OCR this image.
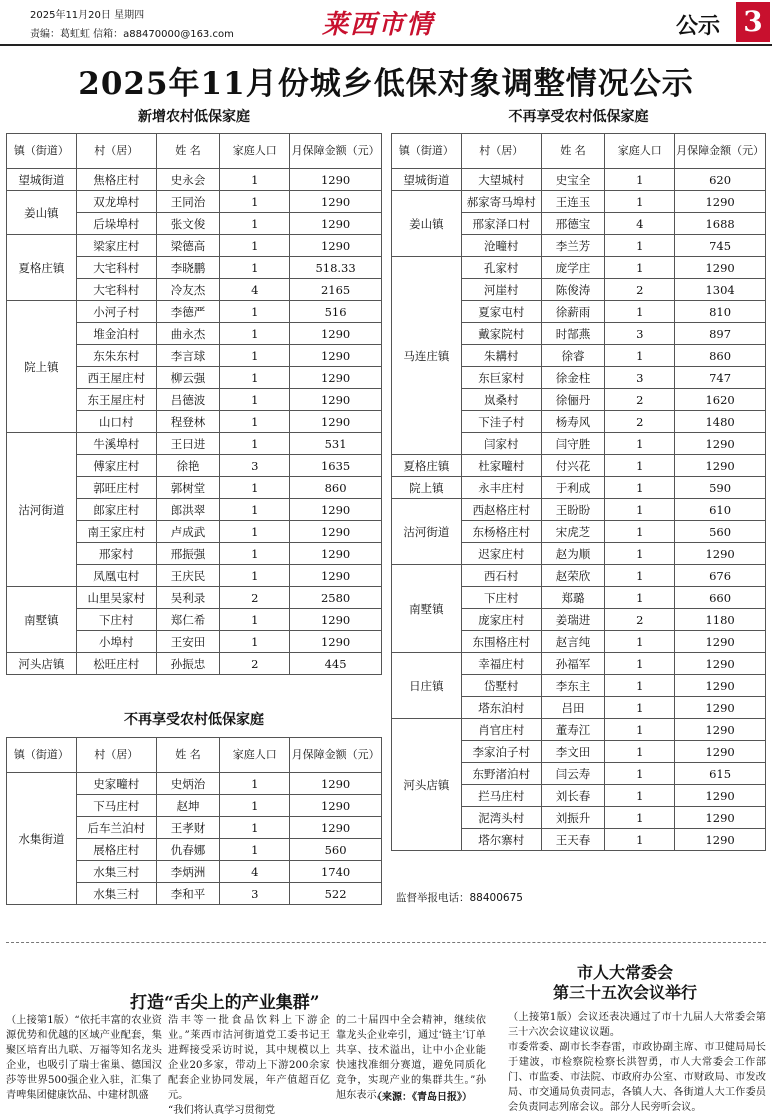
2025年11月20日 星期四
责编：葛虹虹 信箱：a88470000@163.com	莱西市情	公示 3
2025年11月份城乡低保对象调整情况公示
新增农村低保家庭
镇（街道）	村（居）	姓 名	家庭人口	月保障金额（元）
望城街道	焦格庄村	史永会	1	1290
姜山镇	双龙埠村	王同治	1	1290
	后垛埠村	张文俊	1	1290
夏格庄镇	梁家庄村	梁德高	1	1290
	大宅科村	李晓鹏	1	518.33
	大宅科村	冷友杰	4	2165
院上镇	小河子村	李德严	1	516
	堆金泊村	曲永杰	1	1290
	东朱东村	李言球	1	1290
	西王屋庄村	柳云强	1	1290
	东王屋庄村	吕德波	1	1290
	山口村	程登林	1	1290
沽河街道	牛溪埠村	王曰进	1	531
	傅家庄村	徐艳	3	1635
	郭旺庄村	郭树堂	1	860
	郎家庄村	郎洪翠	1	1290
	南王家庄村	卢成武	1	1290
	邢家村	邢振强	1	1290
	凤凰屯村	王庆民	1	1290
南墅镇	山里吴家村	吴利录	2	2580
	下庄村	郑仁希	1	1290
	小埠村	王安田	1	1290
河头店镇	松旺庄村	孙振忠	2	445
不再享受农村低保家庭
镇（街道）	村（居）	姓 名	家庭人口	月保障金额（元）
水集街道	史家疃村	史炳治	1	1290
	下马庄村	赵坤	1	1290
	后车兰泊村	王孝财	1	1290
	展格庄村	仇春娜	1	560
	水集三村	李炳洲	4	1740
	水集三村	李和平	3	522
不再享受农村低保家庭
镇（街道）	村（居）	姓 名	家庭人口	月保障金额（元）
望城街道	大望城村	史宝全	1	620
姜山镇	郝家寄马埠村	王连玉	1	1290
	邢家泽口村	邢德宝	4	1688
	沧疃村	李兰芳	1	745
马连庄镇	孔家村	庞学庄	1	1290
	河崖村	陈俊涛	2	1304
	夏家屯村	徐薪雨	1	810
	戴家院村	时郜燕	3	897
	朱耩村	徐睿	1	860
	东巨家村	徐金柱	3	747
	岚桑村	徐俪丹	2	1620
	下洼子村	杨寿风	2	1480
	闫家村	闫守胜	1	1290
夏格庄镇	杜家疃村	付兴花	1	1290
院上镇	永丰庄村	于利成	1	590
沽河街道	西赵格庄村	王盼盼	1	610
	东杨格庄村	宋虎芝	1	560
	迟家庄村	赵为顺	1	1290
南墅镇	西石村	赵荣欣	1	676
	下庄村	郑璐	1	660
	庞家庄村	姜瑞进	2	1180
	东围格庄村	赵言纯	1	1290
日庄镇	幸福庄村	孙福军	1	1290
	岱墅村	李东主	1	1290
	塔东泊村	吕田	1	1290
河头店镇	肖官庄村	董寿江	1	1290
	李家泊子村	李文田	1	1290
	东野渚泊村	闫云寿	1	615
	拦马庄村	刘长春	1	1290
	泥湾头村	刘振升	1	1290
	塔尔寨村	王天春	1	1290
监督举报电话：88400675
打造“舌尖上的产业集群”
（上接第1版）“依托丰富的农业资源优势和优越的区域产业配套，集聚区培育出九联、万福等知名龙头企业，也吸引了瑞士雀巢、德国汉莎等世界500强企业入驻，汇集了青啤集团健康饮品、中建材凯盛
浩丰等一批食品饮料上下游企业。”莱西市沽河街道党工委书记王进辉接受采访时说，其中规模以上企业20多家，带动上下游200余家配套企业协同发展，年产值超百亿元。
“我们将认真学习贯彻党
的二十届四中全会精神，继续依靠龙头企业牵引，通过‘链主’订单共享、技术溢出，让中小企业能快速找准细分赛道，避免同质化竞争，实现产业的集群共生。”孙旭东表示。
（来源：《青岛日报》）
市人大常委会
第三十五次会议举行
（上接第1版）会议还表决通过了市十九届人大常委会第三十六次会议建议议题。
市委常委、副市长李春雷，市政协副主席、市卫健局局长于建波，市检察院检察长洪智勇，市人大常委会工作部门、市监委、市法院、市政府办公室、市财政局、市发改局、市交通局负责同志，各镇人大、各街道人大工作委员会负责同志列席会议。部分人民旁听会议。
